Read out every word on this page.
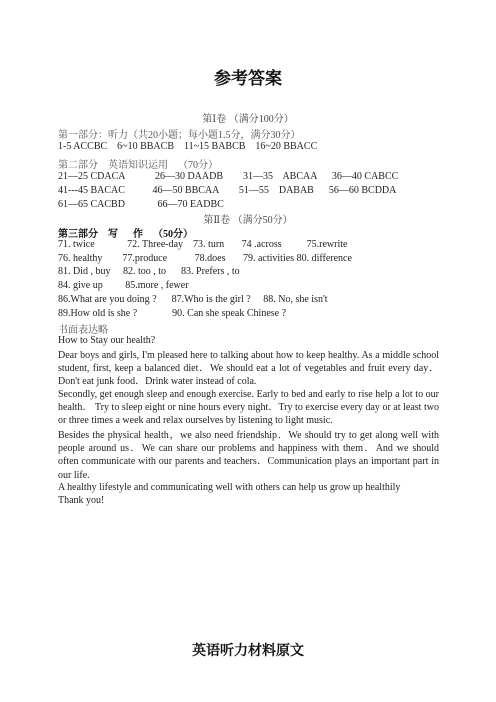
参考答案
第Ⅰ卷 （满分100分）
第一部分：听力（共20小题；每小题1.5分，满分30分）
1-5 ACCBC    6~10 BBACB    11~15 BABCB    16~20 BBACC
第二部分    英语知识运用    （70分）
21—25 CDACA            26—30 DAADB        31—35    ABCAA      36—40 CABCC
41---45 BACAC           46—50 BBCAA        51—55    DABAB      56—60 BCDDA
61—65 CACBD             66—70 EADBC
第Ⅱ卷 （满分50分）
第三部分    写      作    （50分）
71. twice             72. Three-day    73. turn       74 .across          75.rewrite
76. healthy        77.produce           78.does       79. activities 80. difference
81. Did , buy     82. too , to      83. Prefers , to
84. give up         85.more , fewer
86.What are you doing ?      87.Who is the girl ?     88. No, she isn't
89.How old is she ?              90. Can she speak Chinese ?
书面表达略
How to Stay our health?
Dear boys and girls, I'm pleased here to talking about how to keep healthy. As a middle school student, first, keep a balanced diet．We should eat a lot of vegetables and fruit every day．Don't eat junk food．Drink water instead of cola.
Secondly, get enough sleep and enough exercise. Early to bed and early to rise help a lot to our health． Try to sleep eight or nine hours every night．Try to exercise every day or at least two or three times a week and relax ourselves by listening to light music.
Besides the physical health，we also need friendship．We should try to get along well with people around us．We can share our problems and happiness with them．And we should often communicate with our parents and teachers．Communication plays an important part in our life.
A healthy lifestyle and communicating well with others can help us grow up healthily
Thank you!
英语听力材料原文
